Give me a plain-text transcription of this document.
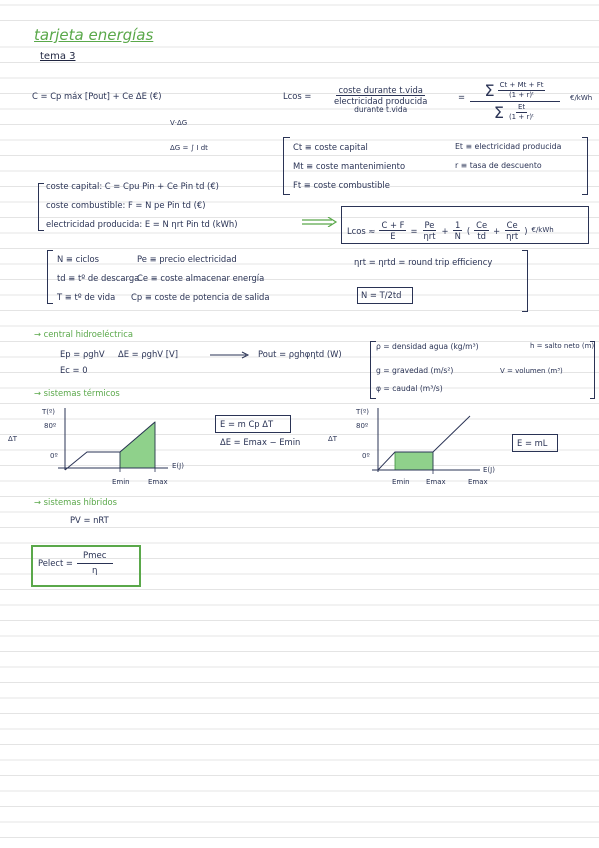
tarjeta energías
tema 3
C = Cp máx [Pout] + Ce ΔE (€)
V·ΔG
ΔG = ∫ I dt
Lcos =
coste durante t.vida
electricidad producida
durante t.vida
= Σ $\frac{Ct + Mt + Ft}{\text{(1 + r)ᵗ}}$
Σ $\frac{Et}{\text{(1 + r)ᵗ}}$
€/kWh
Ct ≡ coste capital
Mt ≡ coste mantenimiento
Ft ≡ coste combustible
Et ≡ electricidad producida
r ≡ tasa de descuento
coste capital: C = Cpu Pin + Ce Pin td (€)
coste combustible: F = N pe Pin td (€)
electricidad producida: E = N ηrt Pin td (kWh)
$Lcos \approx \frac{C + F}{E} = \frac{Pe}{\text{ηrt}} + \frac{1}{N}$ ( $\frac{Ce}{td} + \frac{Ce}{\text{ηrt}}$ ) €/kWh
N ≡ ciclos	Pe ≡ precio electricidad	ηrt = ηrtd = round trip efficiency
td ≡ tº de descarga
Ce ≡ coste almacenar energía
N = T/2td
T ≡ tº de vida Cp ≡ coste de potencia de salida
→ central hidroeléctrica
Ep = ρghV
Ec = 0
ΔE = ρghV [V]	Pout = ρghφηtd (W)
ρ = densidad agua (kg/m³)	h = salto neto (m)
g = gravedad (m/s²)	V = volumen (m³)
φ = caudal (m³/s)
→ sistemas térmicos
ΔT
T(º)
80º
0º
E(J)
Emin	Emax
E = m Cp ΔT
ΔE = Emax − Emin	ΔT
T(º)
80º
0º
E(J)
Emin Emax	Emax
E = mL
→ sistemas híbridos
PV = nRT
Pelect = $\frac{\text{Pmec}}{\eta}$
